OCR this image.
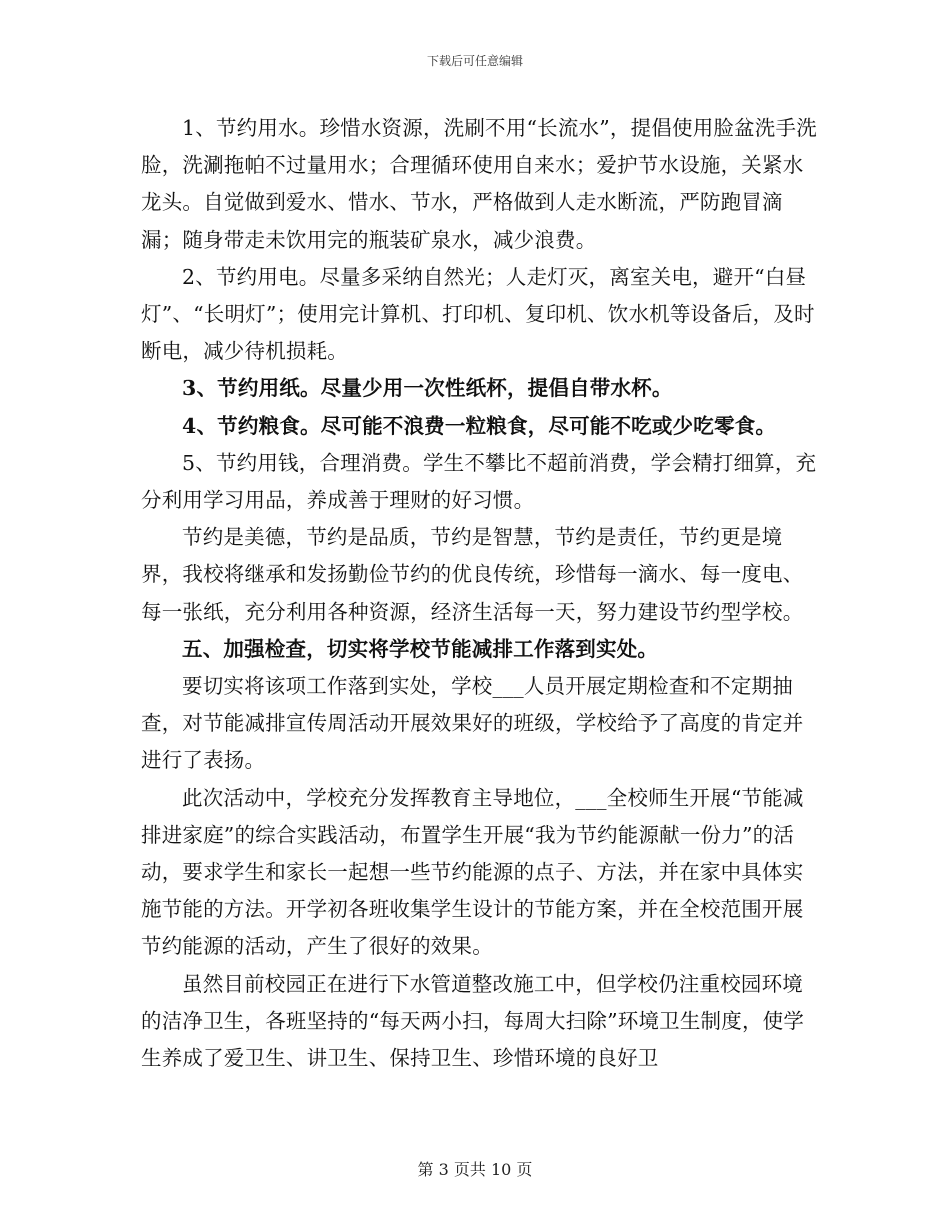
下载后可任意编辑

1、节约用水。珍惜水资源，洗刷不用“长流水”，提倡使用脸盆洗手洗脸，洗涮拖帕不过量用水；合理循环使用自来水；爱护节水设施，关紧水龙头。自觉做到爱水、惜水、节水，严格做到人走水断流，严防跑冒滴漏；随身带走未饮用完的瓶装矿泉水，减少浪费。

2、节约用电。尽量多采纳自然光；人走灯灭，离室关电，避开“白昼灯”、“长明灯”；使用完计算机、打印机、复印机、饮水机等设备后，及时断电，减少待机损耗。

3、节约用纸。尽量少用一次性纸杯，提倡自带水杯。

4、节约粮食。尽可能不浪费一粒粮食，尽可能不吃或少吃零食。

5、节约用钱，合理消费。学生不攀比不超前消费，学会精打细算，充分利用学习用品，养成善于理财的好习惯。

节约是美德，节约是品质，节约是智慧，节约是责任，节约更是境界，我校将继承和发扬勤俭节约的优良传统，珍惜每一滴水、每一度电、每一张纸，充分利用各种资源，经济生活每一天，努力建设节约型学校。

五、加强检查，切实将学校节能减排工作落到实处。

要切实将该项工作落到实处，学校___人员开展定期检查和不定期抽查，对节能减排宣传周活动开展效果好的班级，学校给予了高度的肯定并进行了表扬。

此次活动中，学校充分发挥教育主导地位，___全校师生开展“节能减排进家庭”的综合实践活动，布置学生开展“我为节约能源献一份力”的活动，要求学生和家长一起想一些节约能源的点子、方法，并在家中具体实施节能的方法。开学初各班收集学生设计的节能方案，并在全校范围开展节约能源的活动，产生了很好的效果。

虽然目前校园正在进行下水管道整改施工中，但学校仍注重校园环境的洁净卫生，各班坚持的“每天两小扫，每周大扫除”环境卫生制度，使学生养成了爱卫生、讲卫生、保持卫生、珍惜环境的良好卫

第 3 页共 10 页
